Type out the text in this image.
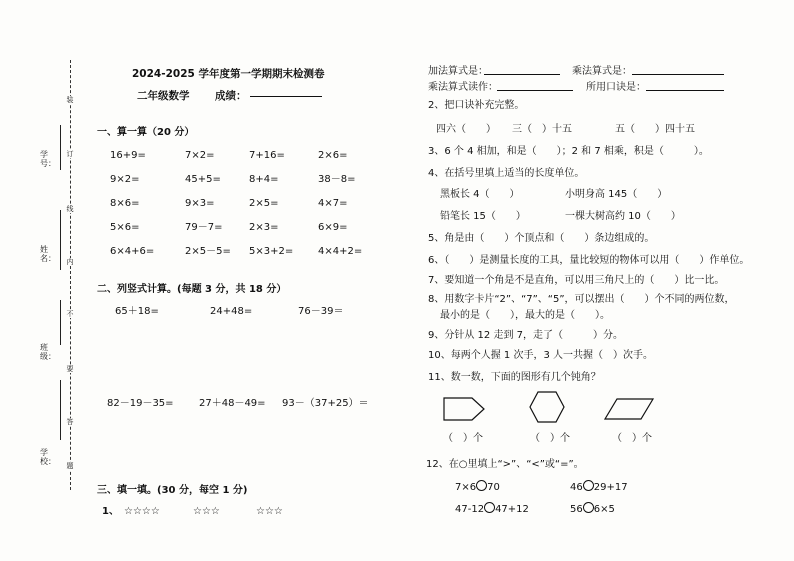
学号：
姓名：
班级：
学校：
装
订
线
内
不
要
答
题
2024-2025 学年度第一学期期末检测卷
二年级数学 成绩：
一、算一算（20 分）
16+9=	7×2=	7+16=	2×6=
9×2=	45+5=	8+4=	38－8=
8×6=	9×3=	2×5=	4×7=
5×6=	79－7=	2×3=	6×9=
6×4+6=	2×5－5= 5×3+2= 4×4+2=
二、列竖式计算。(每题 3 分，共 18 分）
65＋18=	24+48=	76－39＝
82－19－35=	27＋48－49= 93－（37+25）＝
三、填一填。(30 分，每空 1 分)
1、 ☆☆☆☆	☆☆☆	☆☆☆
加法算式是：	乘法算式是：
乘法算式读作：	所用口诀是：
2、把口诀补充完整。
四六（　　） 三（　）十五	五（　　）四十五
3、6 个 4 相加，和是（　　）；2 和 7 相乘，积是（　　　）。
4、在括号里填上适当的长度单位。
黑板长 4（　　）	小明身高 145（　　）
铅笔长 15（　　）	一棵大树高约 10（　　）
5、角是由（　　）个顶点和（　　）条边组成的。
6、（　　）是测量长度的工具，量比较短的物体可以用（　　）作单位。
7、要知道一个角是不是直角，可以用三角尺上的（　　）比一比。
8、用数字卡片“2”、“7”、“5”，可以摆出（　　）个不同的两位数，
最小的是（　　），最大的是（　　）。
9、分针从 12 走到 7，走了（　　　）分。
10、每两个人握 1 次手，3 人一共握（　）次手。
11、数一数，下面的图形有几个钝角？
（　）个	（　）个	（　）个
12、在○里填上“>”、“<”或“=”。
7×6 70	46 29+17
47-12 47+12	56 6×5
